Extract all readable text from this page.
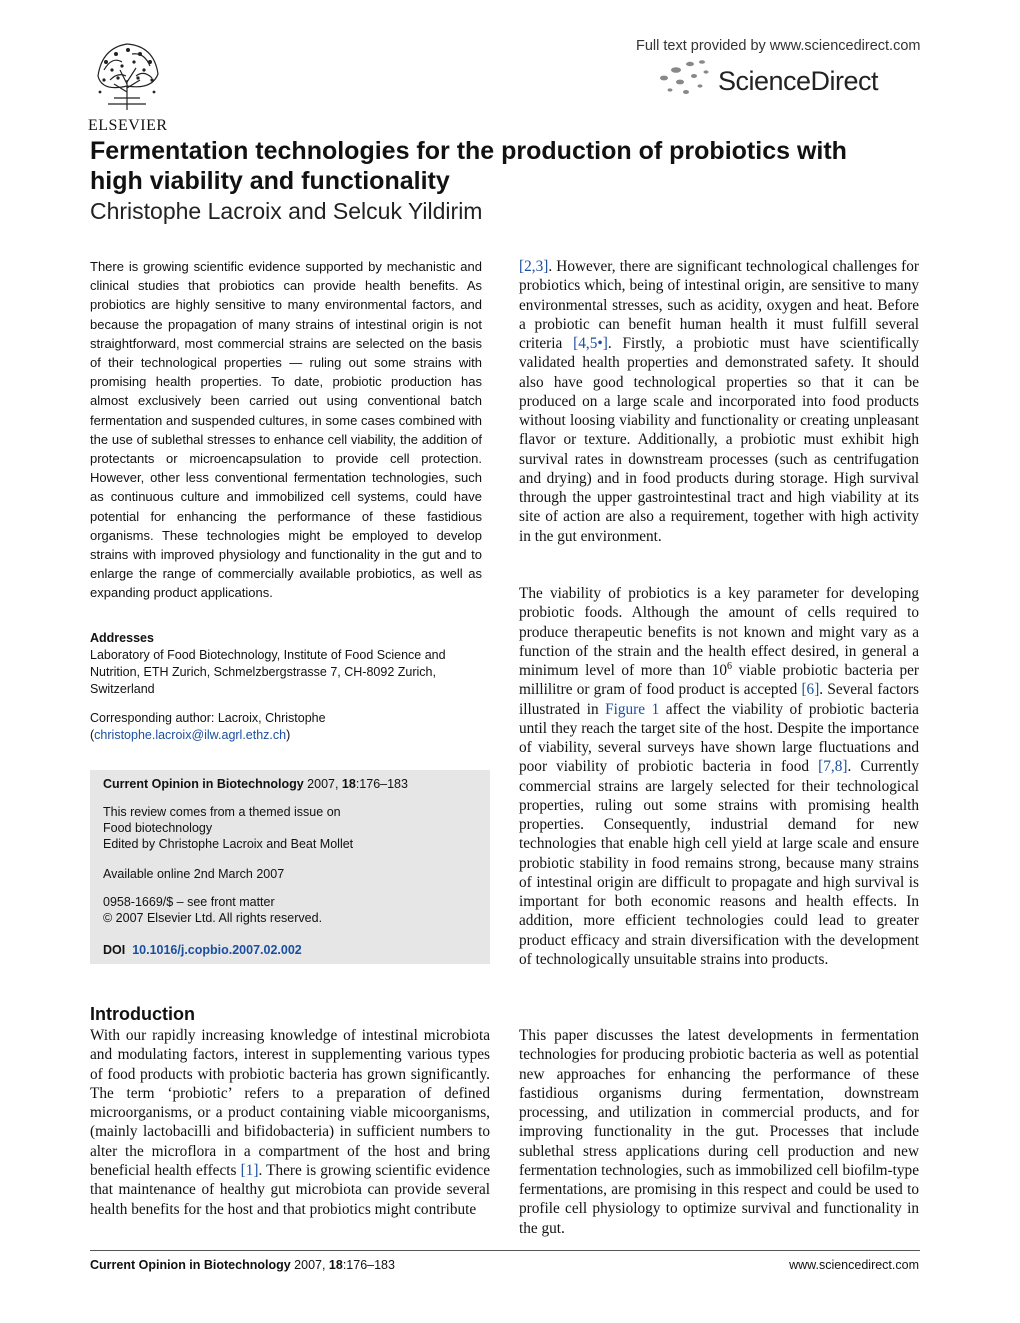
ELSEVIER
Full text provided by www.sciencedirect.com
ScienceDirect
Fermentation technologies for the production of probiotics with high viability and functionality
Christophe Lacroix and Selcuk Yildirim

There is growing scientific evidence supported by mechanistic and clinical studies that probiotics can provide health benefits. As probiotics are highly sensitive to many environmental factors, and because the propagation of many strains of intestinal origin is not straightforward, most commercial strains are selected on the basis of their technological properties — ruling out some strains with promising health properties. To date, probiotic production has almost exclusively been carried out using conventional batch fermentation and suspended cultures, in some cases combined with the use of sublethal stresses to enhance cell viability, the addition of protectants or microencapsulation to provide cell protection. However, other less conventional fermentation technologies, such as continuous culture and immobilized cell systems, could have potential for enhancing the performance of these fastidious organisms. These technologies might be employed to develop strains with improved physiology and functionality in the gut and to enlarge the range of commercially available probiotics, as well as expanding product applications.

Addresses

Laboratory of Food Biotechnology, Institute of Food Science and Nutrition, ETH Zurich, Schmelzbergstrasse 7, CH-8092 Zurich, Switzerland

Corresponding author: Lacroix, Christophe
(christophe.lacroix@ilw.agrl.ethz.ch)
Current Opinion in Biotechnology 2007, 18:176–183
This review comes from a themed issue on
Food biotechnology
Edited by Christophe Lacroix and Beat Mollet
Available online 2nd March 2007
0958-1669/$ – see front matter
© 2007 Elsevier Ltd. All rights reserved.
DOI 10.1016/j.copbio.2007.02.002
Introduction

With our rapidly increasing knowledge of intestinal microbiota and modulating factors, interest in supplementing various types of food products with probiotic bacteria has grown significantly. The term ‘probiotic’ refers to a preparation of defined microorganisms, or a product containing viable micoorganisms, (mainly lactobacilli and bifidobacteria) in sufficient numbers to alter the microflora in a compartment of the host and bring beneficial health effects [1]. There is growing scientific evidence that maintenance of healthy gut microbiota can provide several health benefits for the host and that probiotics might contribute

[2,3]. However, there are significant technological challenges for probiotics which, being of intestinal origin, are sensitive to many environmental stresses, such as acidity, oxygen and heat. Before a probiotic can benefit human health it must fulfill several criteria [4,5•]. Firstly, a probiotic must have scientifically validated health properties and demonstrated safety. It should also have good technological properties so that it can be produced on a large scale and incorporated into food products without loosing viability and functionality or creating unpleasant flavor or texture. Additionally, a probiotic must exhibit high survival rates in downstream processes (such as centrifugation and drying) and in food products during storage. High survival through the upper gastrointestinal tract and high viability at its site of action are also a requirement, together with high activity in the gut environment.

The viability of probiotics is a key parameter for developing probiotic foods. Although the amount of cells required to produce therapeutic benefits is not known and might vary as a function of the strain and the health effect desired, in general a minimum level of more than $10^6$ viable probiotic bacteria per millilitre or gram of food product is accepted [6]. Several factors illustrated in Figure 1 affect the viability of probiotic bacteria until they reach the target site of the host. Despite the importance of viability, several surveys have shown large fluctuations and poor viability of probiotic bacteria in food [7,8]. Currently commercial strains are largely selected for their technological properties, ruling out some strains with promising health properties. Consequently, industrial demand for new technologies that enable high cell yield at large scale and ensure probiotic stability in food remains strong, because many strains of intestinal origin are difficult to propagate and high survival is important for both economic reasons and health effects. In addition, more efficient technologies could lead to greater product efficacy and strain diversification with the development of technologically unsuitable strains into products.

This paper discusses the latest developments in fermentation technologies for producing probiotic bacteria as well as potential new approaches for enhancing the performance of these fastidious organisms during fermentation, downstream processing, and utilization in commercial products, and for improving functionality in the gut. Processes that include sublethal stress applications during cell production and new fermentation technologies, such as immobilized cell biofilm-type fermentations, are promising in this respect and could be used to profile cell physiology to optimize survival and functionality in the gut.

Current Opinion in Biotechnology 2007, 18:176–183	www.sciencedirect.com
